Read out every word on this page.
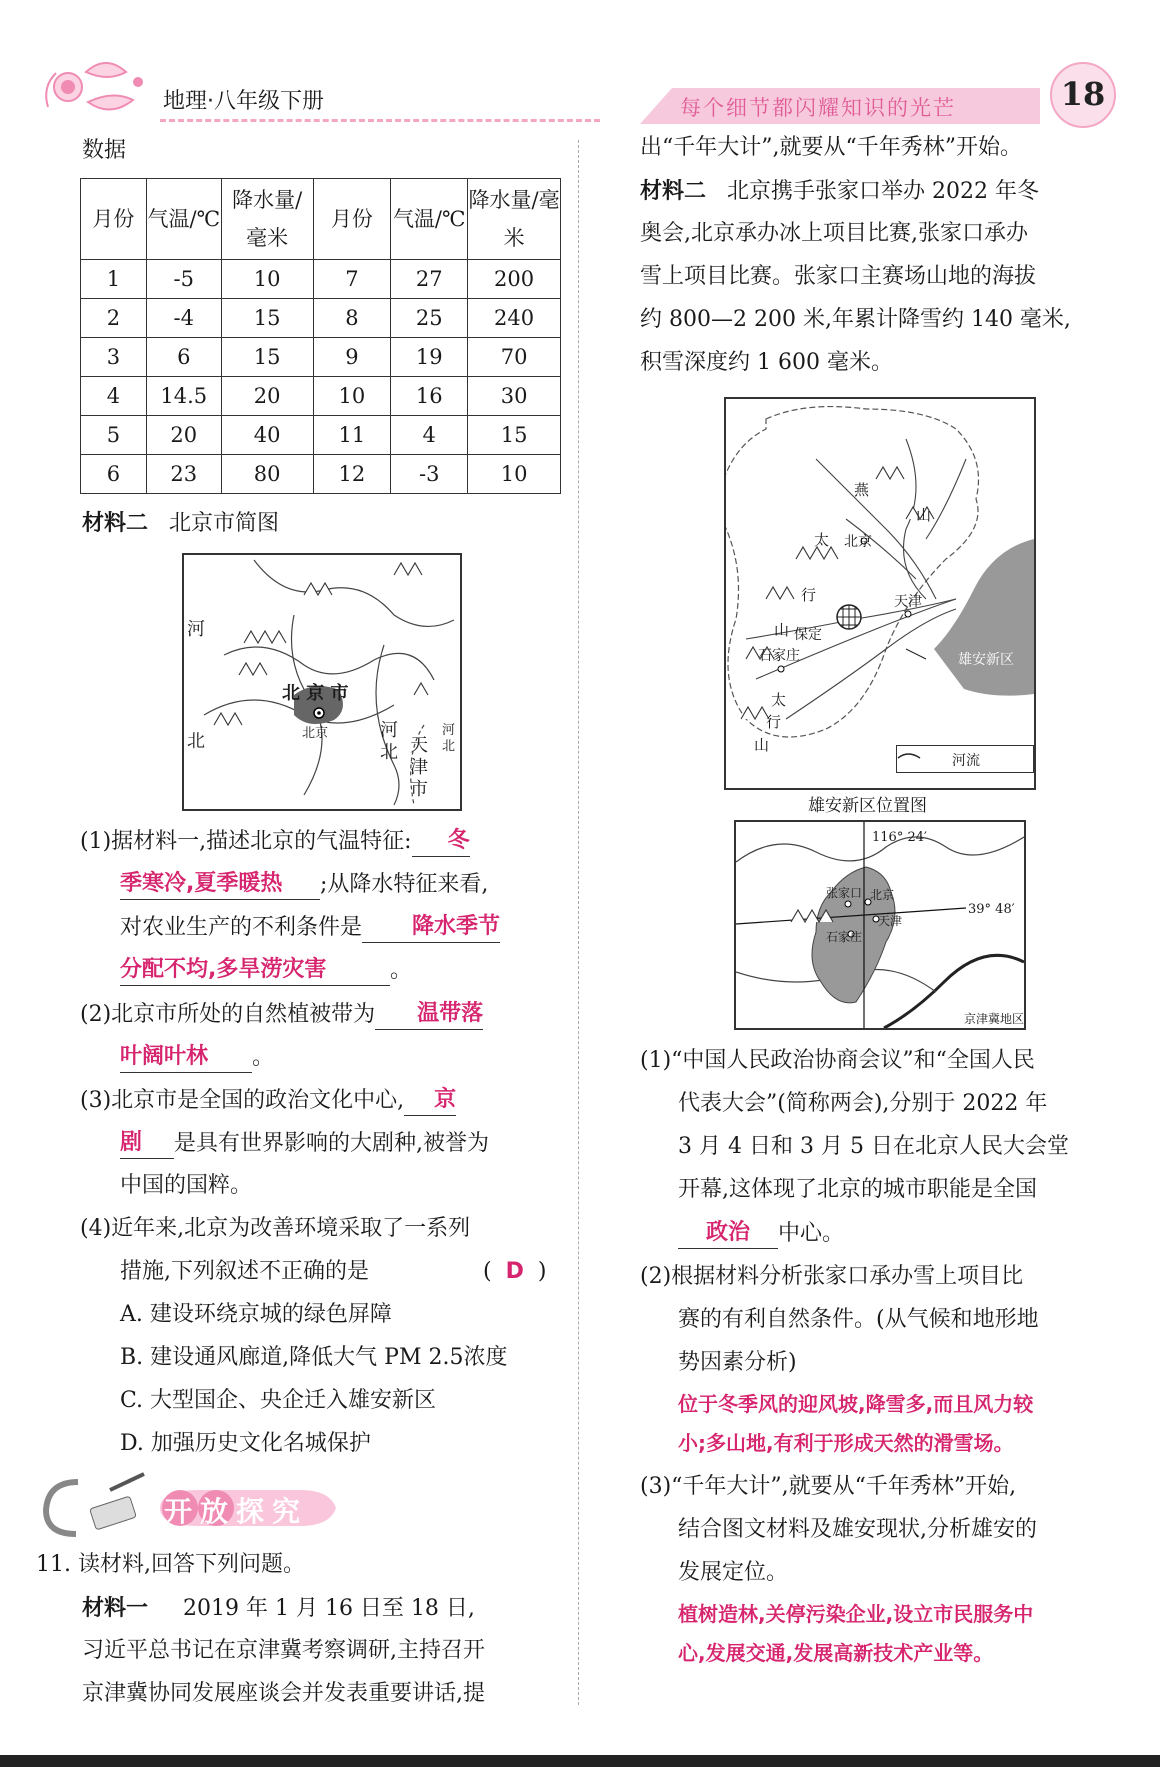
地理·八年级下册	每个细节都闪耀知识的光芒	18
数据
月份	气温/℃	降水量/毫米	月份	气温/℃	降水量/毫米
1	-5	10	7	27	200
2	-4	15	8	25	240
3	6	15	9	19	70
4	14.5	20	10	16	30
5	20	40	11	4	15
6	23	80	12	-3	10
材料二 北京市简图
河
北
北 京 市
北京	河北 天津市
河北
(1)据材料一,描述北京的气温特征: 冬
季寒冷,夏季暖热 ;从降水特征来看,
对农业生产的不利条件是 降水季节
分配不均,多旱涝灾害	。
(2)北京市所处的自然植被带为 温带落
叶阔叶林 。
(3)北京市是全国的政治文化中心, 京
剧 是具有世界影响的大剧种,被誉为
中国的国粹。
(4)近年来,北京为改善环境采取了一系列
措施,下列叙述不正确的是	(  D  )
A. 建设环绕京城的绿色屏障
B. 建设通风廊道,降低大气 PM 2.5浓度
C. 大型国企、央企迁入雄安新区
D. 加强历史文化名城保护
开放探究
11. 读材料,回答下列问题。
材料一 2019 年 1 月 16 日至 18 日,
习近平总书记在京津冀考察调研,主持召开
京津冀协同发展座谈会并发表重要讲话,提
出“千年大计”,就要从“千年秀林”开始。
材料二 北京携手张家口举办 2022 年冬
奥会,北京承办冰上项目比赛,张家口承办
雪上项目比赛。张家口主赛场山地的海拔
约 800—2 200 米,年累计降雪约 140 毫米,
积雪深度约 1 600 毫米。
燕
山
太 北京
行	天津
山 保定
石家庄	雄安新区
太
行
山
河流
雄安新区位置图
116° 24′
39° 48′
张家口 北京
天津
石家庄
京津冀地区
(1)“中国人民政治协商会议”和“全国人民
代表大会”(简称两会),分别于 2022 年
3 月 4 日和 3 月 5 日在北京人民大会堂
开幕,这体现了北京的城市职能是全国
政治 中心。
(2)根据材料分析张家口承办雪上项目比
赛的有利自然条件。(从气候和地形地
势因素分析)
位于冬季风的迎风坡,降雪多,而且风力较
小;多山地,有利于形成天然的滑雪场。
(3)“千年大计”,就要从“千年秀林”开始,
结合图文材料及雄安现状,分析雄安的
发展定位。
植树造林,关停污染企业,设立市民服务中
心,发展交通,发展高新技术产业等。
